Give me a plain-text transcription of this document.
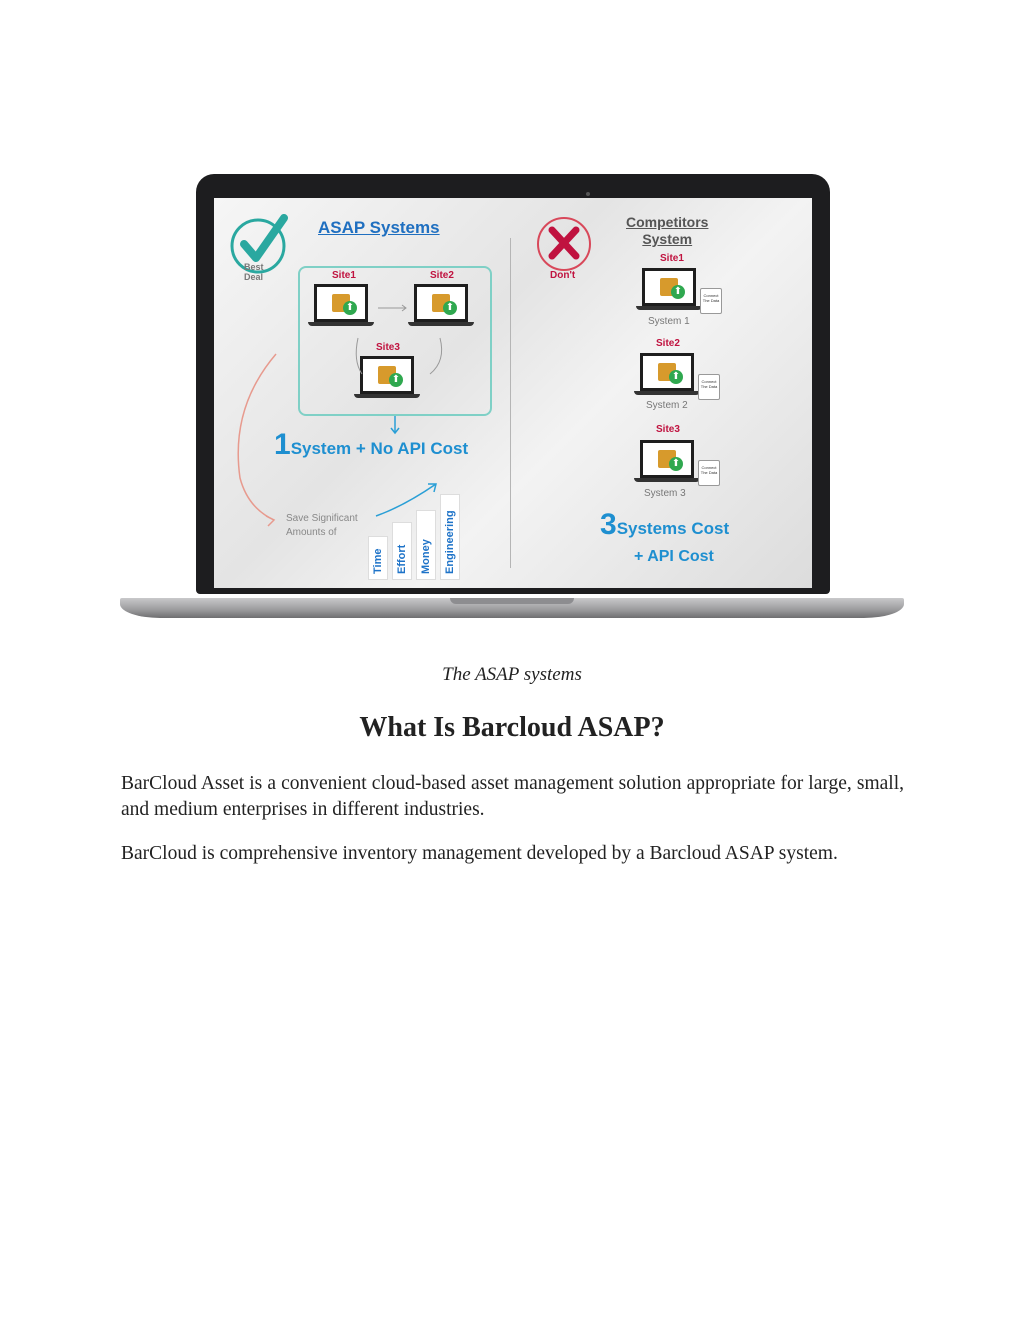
Best
Deal
ASAP Systems
Site1
⬆
Site2
⬆
Site3
⬆
1System + No API Cost
Save Significant
Amounts of
Time Effort Money Engineering
Don't
Competitors
System
Site1
⬆	Connect
The Data
System 1
Site2
⬆	Connect
The Data
System 2
Site3
⬆	Connect
The Data
System 3
3Systems Cost
+ API Cost
The ASAP systems
What Is Barcloud ASAP?

BarCloud Asset is a convenient cloud-based asset management solution appropriate for large, small, and medium enterprises in different industries.

BarCloud is comprehensive inventory management developed by a Barcloud ASAP system.
